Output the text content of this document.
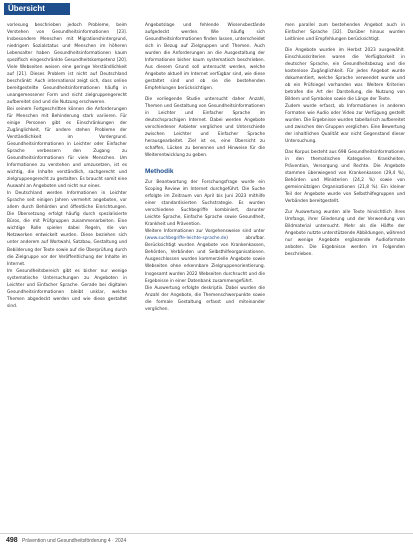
Übersicht

vorlesung beschrieben jedoch Probleme, beim Verstehen von Gesundheitsinformationen [23]. Insbesondere Menschen mit Migrationshintergrund, niedrigem Sozialstatus und Menschen im höheren Lebensalter haben Gesundheitsinformationen kaum spezifisch eingeschränkte Gesundheitskompetenz [20]. Viele Webseiten weisen eine geringe Verständlichkeit auf [21]. Dieses Problem ist nicht auf Deutschland beschränkt: Auch international zeigt sich, dass online bereitgestellte Gesundheitsinformationen häufig in unangemessener Form und nicht zielgruppengerecht aufbereitet sind und die Nutzung erschweren.

Bei seinem Fortgeschritten können die Anforderungen für Menschen mit Behinderung stark variieren. Für einige Personen gibt es Einschränkungen der Zugänglichkeit, für andere stehen Probleme der Verständlichkeit im Vordergrund. Gesundheitsinformationen in Leichter oder Einfacher Sprache verbessern den Zugang zu Gesundheitsinformationen für viele Menschen. Um Informationen zu verstehen und umzusetzen, ist es wichtig, die Inhalte verständlich, sachgerecht und zielgruppengerecht zu gestalten. Es braucht somit eine Auswahl an Angeboten und nicht nur eines.

In Deutschland werden Informationen in Leichter Sprache seit einigen Jahren vermehrt angeboten, vor allem durch Behörden und öffentliche Einrichtungen. Die Übersetzung erfolgt häufig durch spezialisierte Büros, die mit Prüfgruppen zusammenarbeiten. Eine wichtige Rolle spielen dabei Regeln, die von Netzwerken entwickelt wurden. Diese beziehen sich unter anderem auf Wortwahl, Satzbau, Gestaltung und Bebilderung der Texte sowie auf die Überprüfung durch die Zielgruppe vor der Veröffentlichung der Inhalte im Internet.

Im Gesundheitsbereich gibt es bisher nur wenige systematische Untersuchungen zu Angeboten in Leichter und Einfacher Sprache. Gerade bei digitalen Gesundheitsinformationen bleibt unklar, welche Themen abgedeckt werden und wie diese gestaltet sind.

Angebotslage und fehlende Wissensbestände aufgedeckt werden. Wie häufig sich Gesundheitsinformationen finden lassen, unterscheidet sich in Bezug auf Zielgruppen und Themen. Auch wurden die Anforderungen an die Ausgestaltung der Informationen bisher kaum systematisch beschrieben. Aus diesem Grund soll untersucht werden, welche Angebote aktuell im Internet verfügbar sind, wie diese gestaltet sind und ob sie die bestehenden Empfehlungen berücksichtigen.

Die vorliegende Studie untersucht daher Anzahl, Themen und Gestaltung von Gesundheitsinformationen in Leichter und Einfacher Sprache im deutschsprachigen Internet. Dabei werden Angebote verschiedener Anbieter verglichen und Unterschiede zwischen Leichter und Einfacher Sprache herausgearbeitet. Ziel ist es, eine Übersicht zu schaffen, Lücken zu benennen und Hinweise für die Weiterentwicklung zu geben.

Methodik

Zur Beantwortung der Forschungsfrage wurde ein Scoping Review im Internet durchgeführt. Die Suche erfolgte im Zeitraum von April bis Juni 2023 mithilfe einer standardisierten Suchstrategie. Es wurden verschiedene Suchbegriffe kombiniert, darunter Leichte Sprache, Einfache Sprache sowie Gesundheit, Krankheit und Prävention.

Weitere Informationen zur Vorgehensweise sind unter (www.suchbegriffe-leichte-sprache.de) abrufbar. Berücksichtigt wurden Angebote von Krankenkassen, Behörden, Verbänden und Selbsthilfeorganisationen. Ausgeschlossen wurden kommerzielle Angebote sowie Webseiten ohne erkennbare Zielgruppenorientierung. Insgesamt wurden 2022 Webseiten durchsucht und die Ergebnisse in einer Datenbank zusammengeführt.

Die Auswertung erfolgte deskriptiv. Dabei wurden die Anzahl der Angebote, die Themenschwerpunkte sowie die formale Gestaltung erfasst und miteinander verglichen.

men parallel zum bestehenden Angebot auch in Einfacher Sprache [32]. Darüber hinaus wurden Leitlinien und Empfehlungen berücksichtigt.

Die Angebote wurden im Herbst 2023 ausgewählt. Einschlusskriterien waren die Verfügbarkeit in deutscher Sprache, ein Gesundheitsbezug und die kostenlose Zugänglichkeit. Für jedes Angebot wurde dokumentiert, welche Sprache verwendet wurde und ob ein Prüfsiegel vorhanden war. Weitere Kriterien betrafen die Art der Darstellung, die Nutzung von Bildern und Symbolen sowie die Länge der Texte.

Zudem wurde erfasst, ob Informationen in anderen Formaten wie Audio oder Video zur Verfügung gestellt wurden. Die Ergebnisse wurden tabellarisch aufbereitet und zwischen den Gruppen verglichen. Eine Bewertung der inhaltlichen Qualität war nicht Gegenstand dieser Untersuchung.

Das Korpus besteht aus 698 Gesundheitsinformationen in den thematischen Kategorien Krankheiten, Prävention, Versorgung und Rechte. Die Angebote stammen überwiegend von Krankenkassen (29,4 %), Behörden und Ministerien (24,2 %) sowie von gemeinnützigen Organisationen (21,8 %). Ein kleiner Teil der Angebote wurde von Selbsthilfegruppen und Verbänden bereitgestellt.

Zur Auswertung wurden alle Texte hinsichtlich ihres Umfangs, ihrer Gliederung und der Verwendung von Bildmaterial untersucht. Mehr als die Hälfte der Angebote nutzte unterstützende Abbildungen, während nur wenige Angebote ergänzende Audioformate anboten. Die Ergebnisse werden im Folgenden beschrieben.

498 Prävention und Gesundheitsförderung 4 · 2024
